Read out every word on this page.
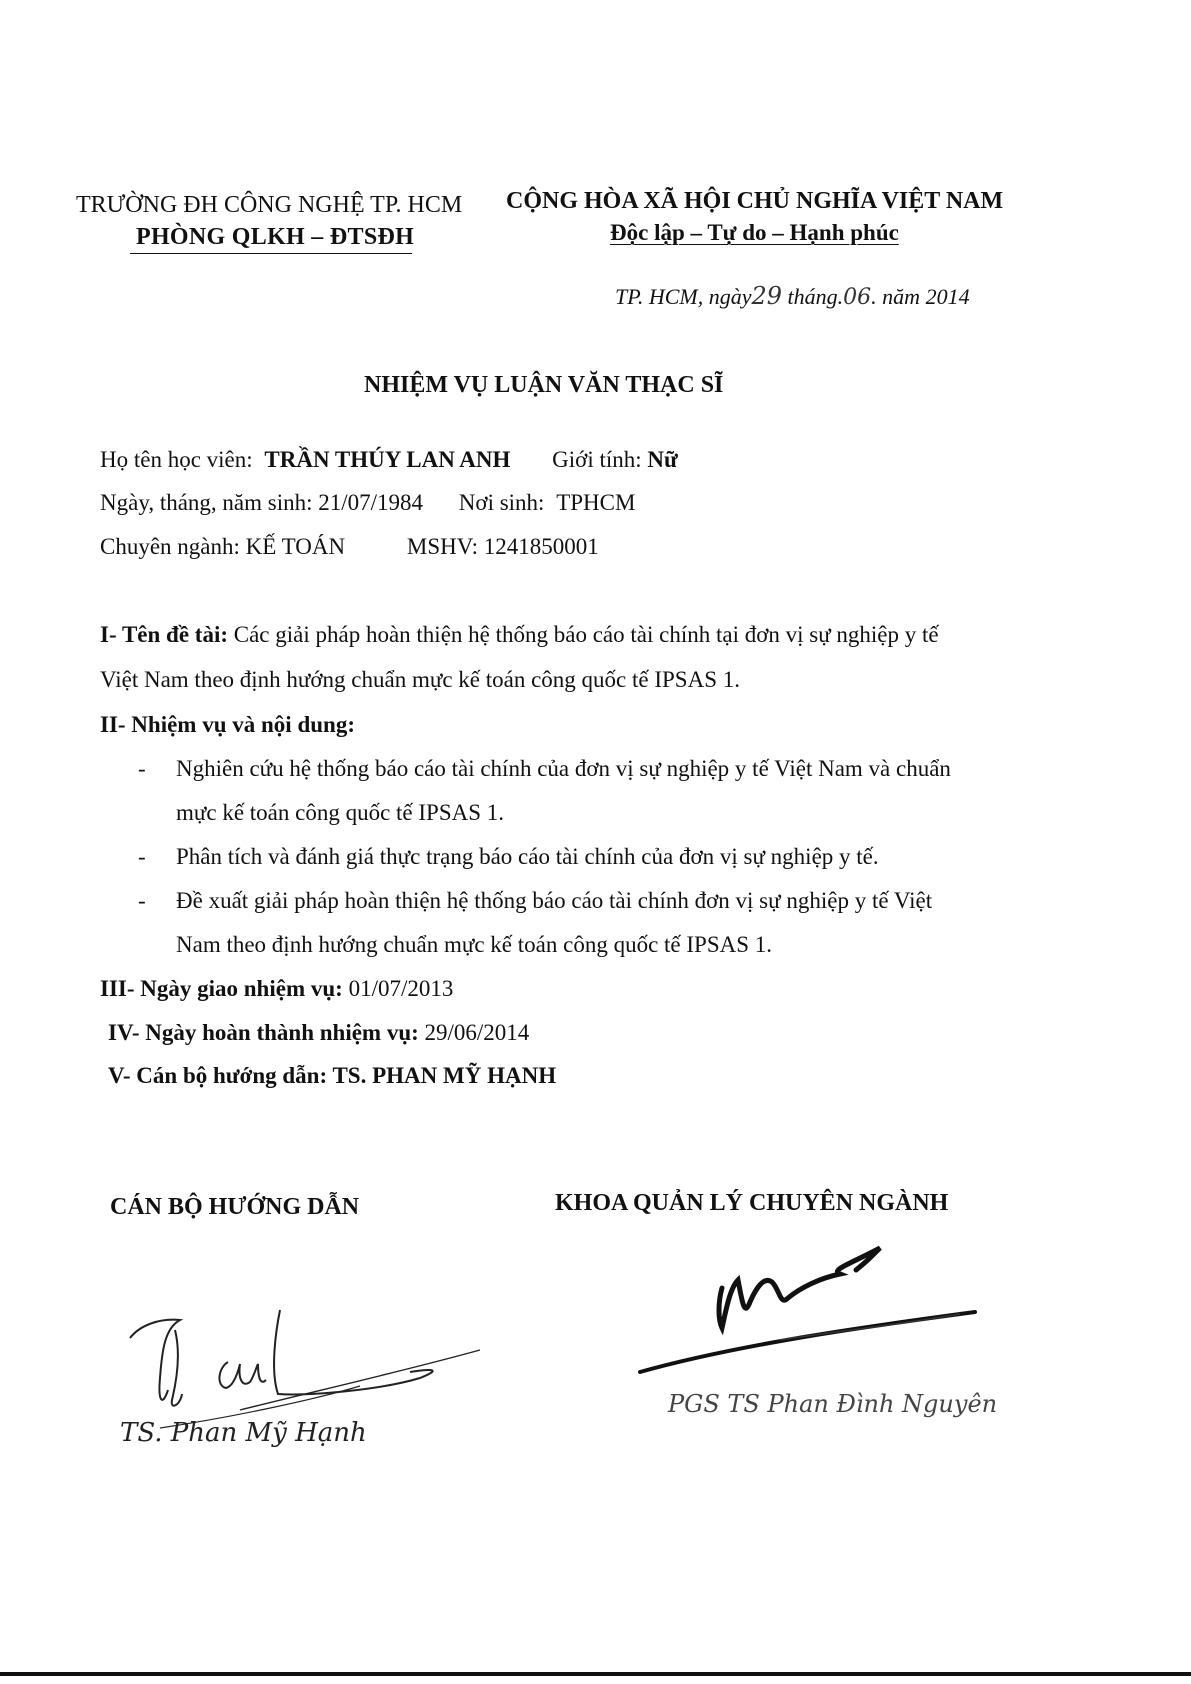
TRƯỜNG ĐH CÔNG NGHỆ TP. HCM
PHÒNG QLKH – ĐTSĐH
CỘNG HÒA XÃ HỘI CHỦ NGHĨA VIỆT NAM
Độc lập – Tự do – Hạnh phúc
TP. HCM, ngày29 tháng.06. năm 2014
NHIỆM VỤ LUẬN VĂN THẠC SĨ
Họ tên học viên: TRẦN THÚY LAN ANH Giới tính: Nữ
Ngày, tháng, năm sinh: 21/07/1984 Nơi sinh: TPHCM
Chuyên ngành: KẾ TOÁN	MSHV: 1241850001
I- Tên đề tài: Các giải pháp hoàn thiện hệ thống báo cáo tài chính tại đơn vị sự nghiệp y tế
Việt Nam theo định hướng chuẩn mực kế toán công quốc tế IPSAS 1.
II- Nhiệm vụ và nội dung:
- Nghiên cứu hệ thống báo cáo tài chính của đơn vị sự nghiệp y tế Việt Nam và chuẩn
mực kế toán công quốc tế IPSAS 1.
- Phân tích và đánh giá thực trạng báo cáo tài chính của đơn vị sự nghiệp y tế.
- Đề xuất giải pháp hoàn thiện hệ thống báo cáo tài chính đơn vị sự nghiệp y tế Việt
Nam theo định hướng chuẩn mực kế toán công quốc tế IPSAS 1.
III- Ngày giao nhiệm vụ: 01/07/2013
IV- Ngày hoàn thành nhiệm vụ: 29/06/2014
V- Cán bộ hướng dẫn: TS. PHAN MỸ HẠNH
CÁN BỘ HƯỚNG DẪN	KHOA QUẢN LÝ CHUYÊN NGÀNH
TS. Phan Mỹ Hạnh
PGS TS Phan Đình Nguyên
